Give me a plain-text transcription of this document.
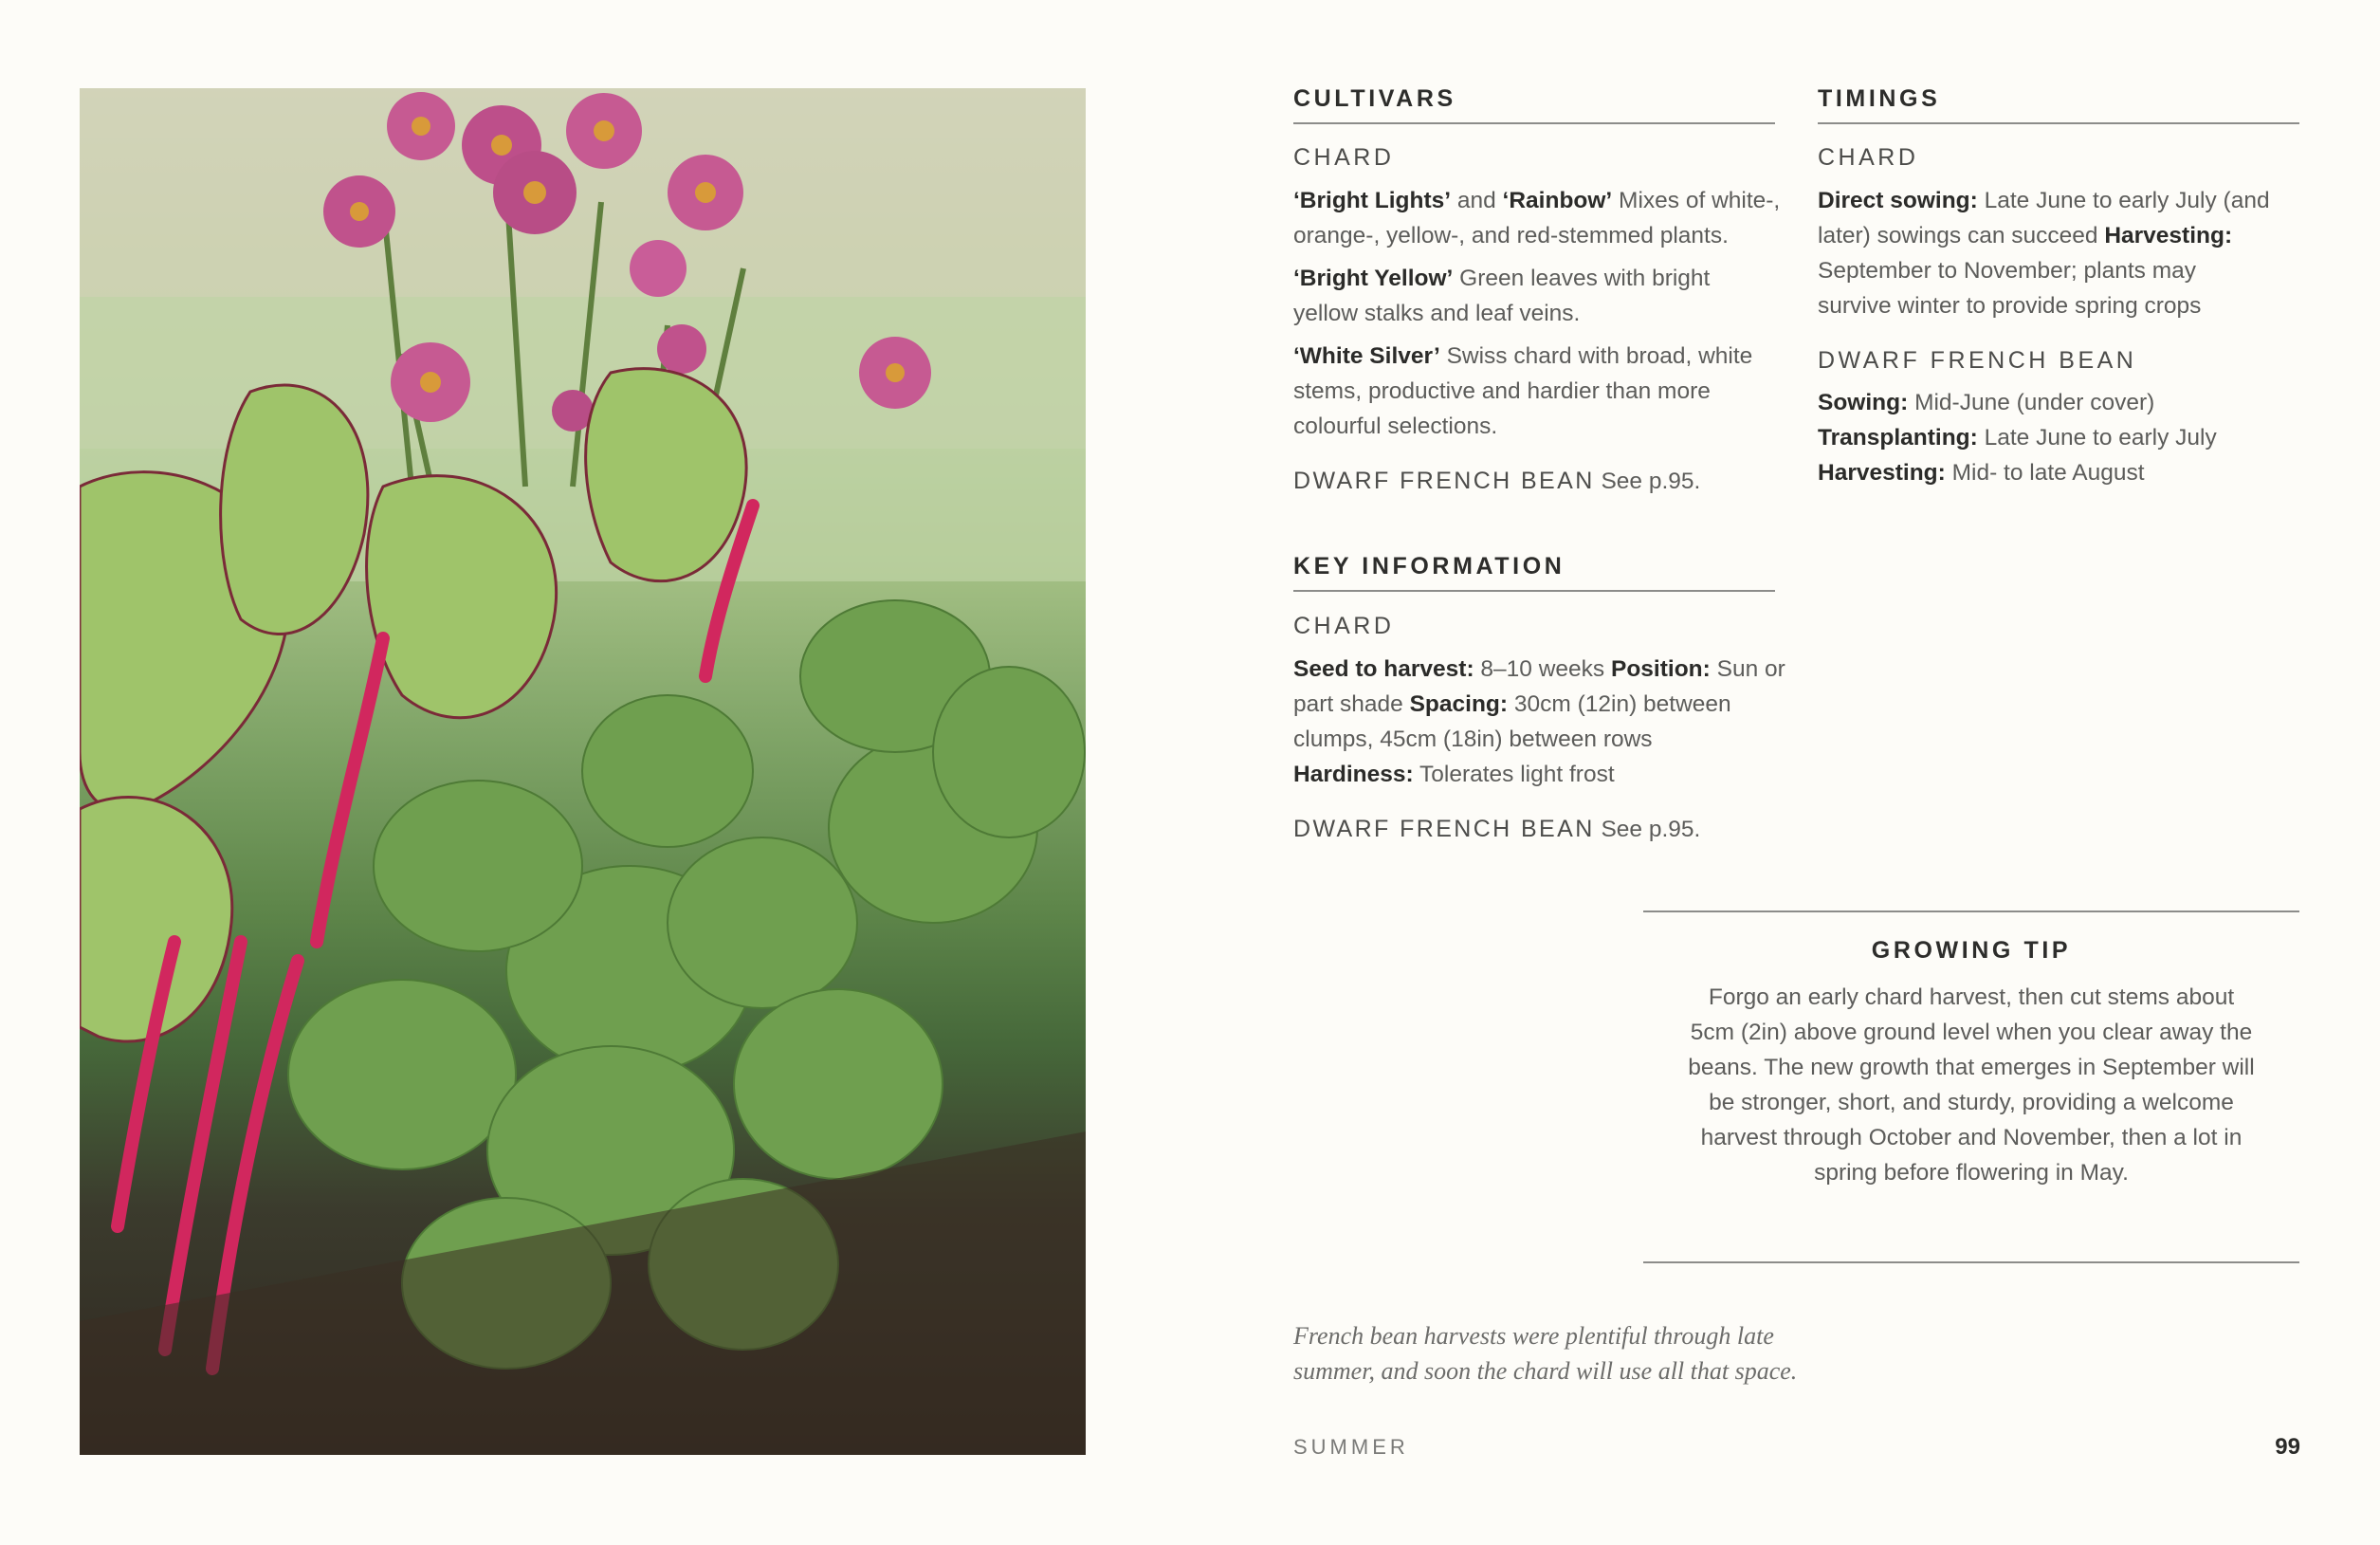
CULTIVARS
CHARD
‘Bright Lights’ and ‘Rainbow’ Mixes of white-,
orange-, yellow-, and red-stemmed plants.
‘Bright Yellow’ Green leaves with bright
yellow stalks and leaf veins.
‘White Silver’ Swiss chard with broad, white
stems, productive and hardier than more
colourful selections.
DWARF FRENCH BEAN See p.95.
KEY INFORMATION
CHARD
Seed to harvest: 8–10 weeks Position: Sun or
part shade Spacing: 30cm (12in) between
clumps, 45cm (18in) between rows
Hardiness: Tolerates light frost
DWARF FRENCH BEAN See p.95.
TIMINGS
CHARD
Direct sowing: Late June to early July (and
later) sowings can succeed Harvesting:
September to November; plants may
survive winter to provide spring crops
DWARF FRENCH BEAN
Sowing: Mid-June (under cover)
Transplanting: Late June to early July
Harvesting: Mid- to late August
GROWING TIP
Forgo an early chard harvest, then cut stems about
5cm (2in) above ground level when you clear away the
beans. The new growth that emerges in September will
be stronger, short, and sturdy, providing a welcome
harvest through October and November, then a lot in
spring before flowering in May.
French bean harvests were plentiful through late
summer, and soon the chard will use all that space.
SUMMER	99
